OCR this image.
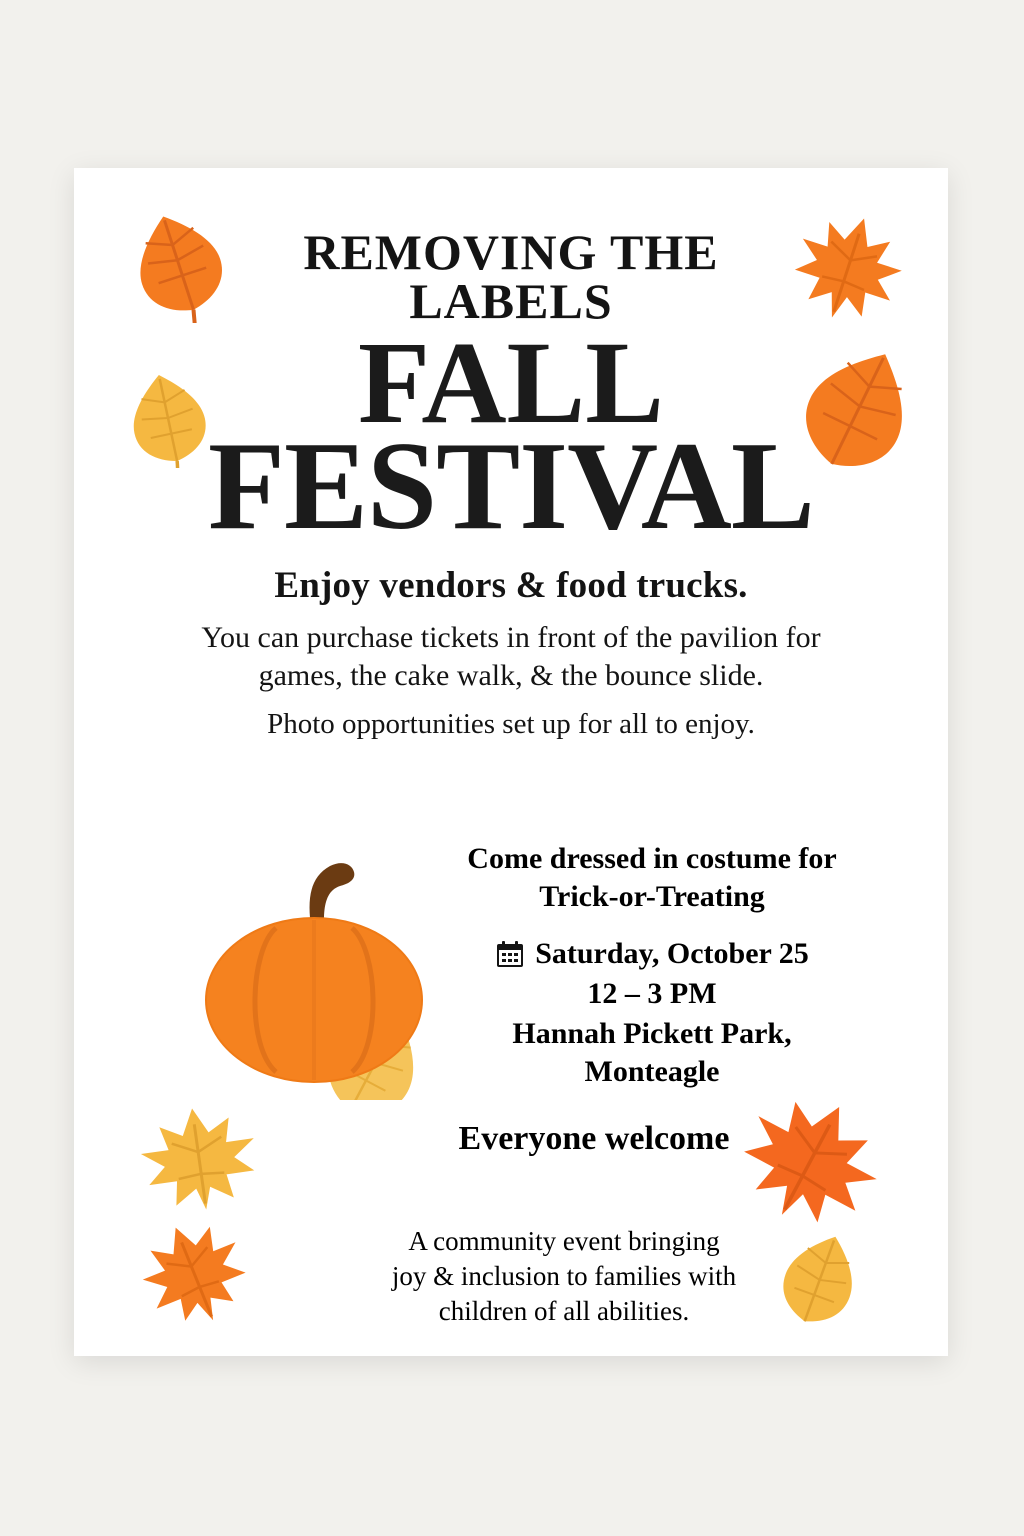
REMOVING THE
LABELS
FALL
FESTIVAL

Enjoy vendors & food trucks.

You can purchase tickets in front of the pavilion for games, the cake walk, & the bounce slide.

Photo opportunities set up for all to enjoy.

Come dressed in costume for
Trick-or-Treating

Saturday, October 25
12 – 3 PM
Hannah Pickett Park,
Monteagle
Everyone welcome
A community event bringing
joy & inclusion to families with
children of all abilities.
